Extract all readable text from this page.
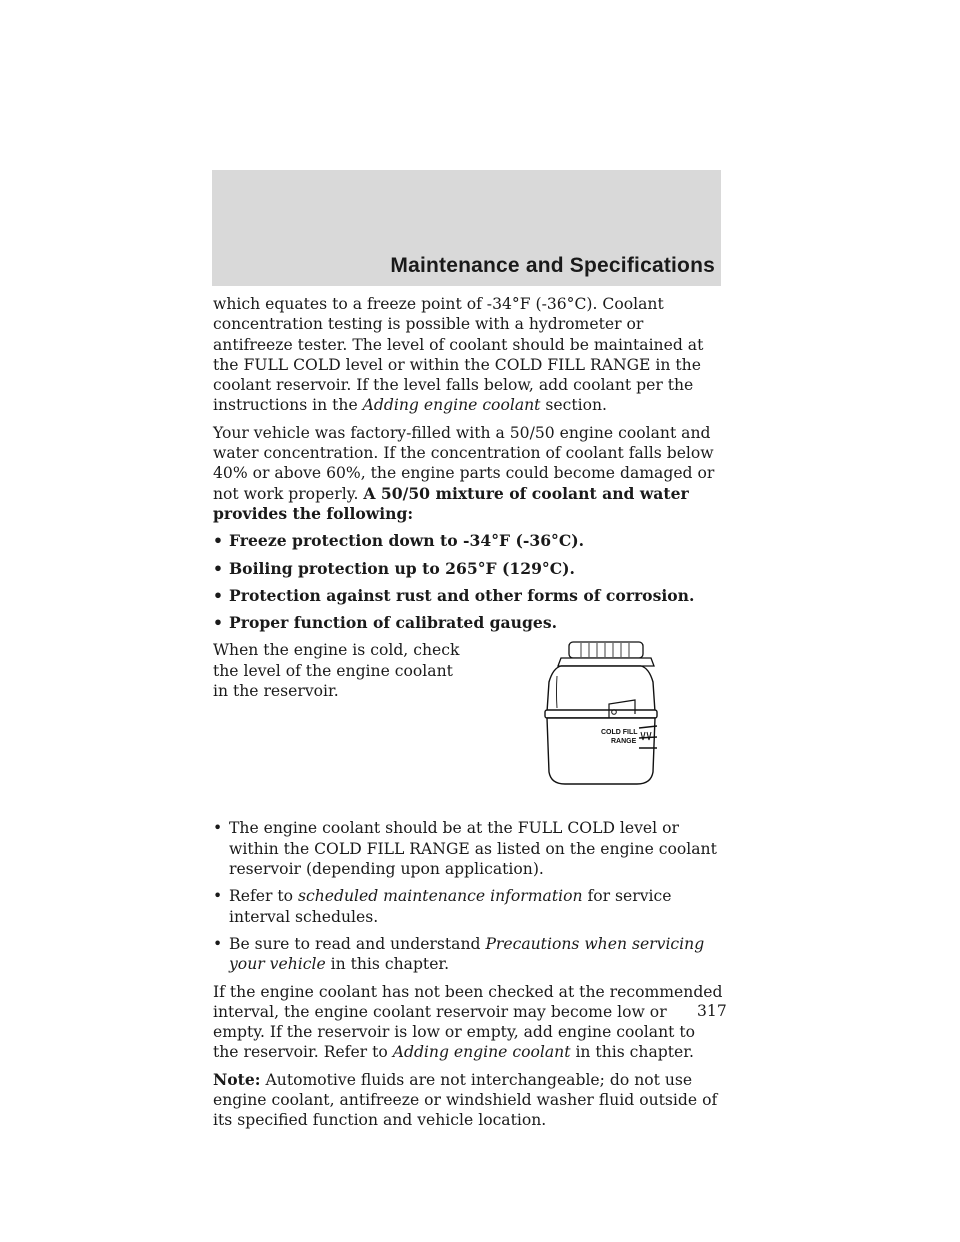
Maintenance and Specifications

which equates to a freeze point of -34°F (-36°C). Coolant concentration testing is possible with a hydrometer or antifreeze tester. The level of coolant should be maintained at the FULL COLD level or within the COLD FILL RANGE in the coolant reservoir. If the level falls below, add coolant per the instructions in the Adding engine coolant section.

Your vehicle was factory-filled with a 50/50 engine coolant and water concentration. If the concentration of coolant falls below 40% or above 60%, the engine parts could become damaged or not work properly. A 50/50 mixture of coolant and water provides the following:

• Freeze protection down to -34°F (-36°C).
• Boiling protection up to 265°F (129°C).
• Protection against rust and other forms of corrosion.
• Proper function of calibrated gauges.

When the engine is cold, check the level of the engine coolant in the reservoir.

COLD FILL
RANGE
• The engine coolant should be at the FULL COLD level or within the COLD FILL RANGE as listed on the engine coolant reservoir (depending upon application).
• Refer to scheduled maintenance information for service interval schedules.
• Be sure to read and understand Precautions when servicing your vehicle in this chapter.

If the engine coolant has not been checked at the recommended interval, the engine coolant reservoir may become low or empty. If the reservoir is low or empty, add engine coolant to the reservoir. Refer to Adding engine coolant in this chapter.

Note: Automotive fluids are not interchangeable; do not use engine coolant, antifreeze or windshield washer fluid outside of its specified function and vehicle location.

317
